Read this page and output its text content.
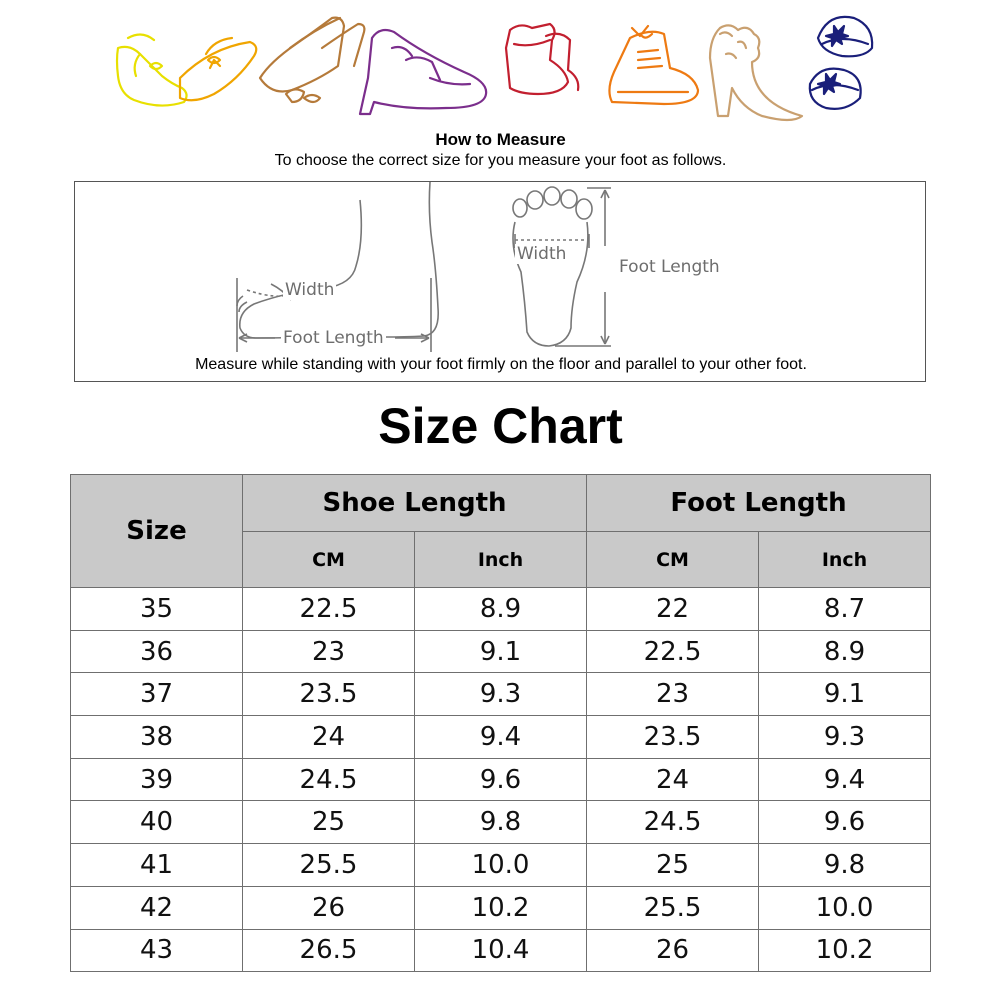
How to Measure
To choose the correct size for you measure your foot as follows.
Width
Foot Length
Width
Foot Length
Measure while standing with your foot firmly on the floor and parallel to your other foot.
Size Chart
Size	Shoe Length		Foot Length	
	CM	Inch	CM	Inch
35	22.5	8.9	22	8.7
36	23	9.1	22.5	8.9
37	23.5	9.3	23	9.1
38	24	9.4	23.5	9.3
39	24.5	9.6	24	9.4
40	25	9.8	24.5	9.6
41	25.5	10.0	25	9.8
42	26	10.2	25.5	10.0
43	26.5	10.4	26	10.2
